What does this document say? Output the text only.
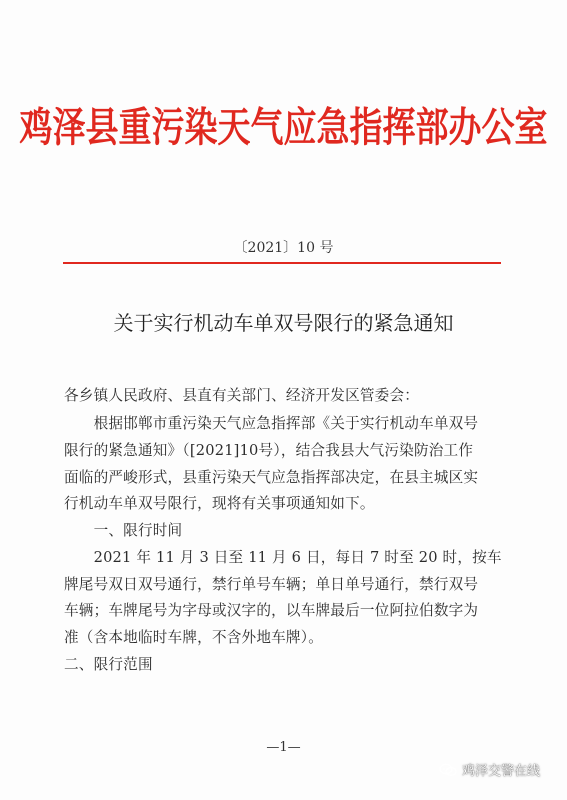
鸡泽县重污染天气应急指挥部办公室
〔2021〕10 号
关于实行机动车单双号限行的紧急通知
各乡镇人民政府、县直有关部门、经济开发区管委会：
　　根据邯郸市重污染天气应急指挥部《关于实行机动车单双号
限行的紧急通知》（[2021]10号），结合我县大气污染防治工作
面临的严峻形式，县重污染天气应急指挥部决定，在县主城区实
行机动车单双号限行，现将有关事项通知如下。
　　一、限行时间
　　2021 年 11 月 3 日至 11 月 6 日，每日 7 时至 20 时，按车
牌尾号双日双号通行，禁行单号车辆；单日单号通行，禁行双号
车辆；车牌尾号为字母或汉字的，以车牌最后一位阿拉伯数字为
准（含本地临时车牌，不含外地车牌）。
二、限行范围
—1—
鸡泽交警在线
